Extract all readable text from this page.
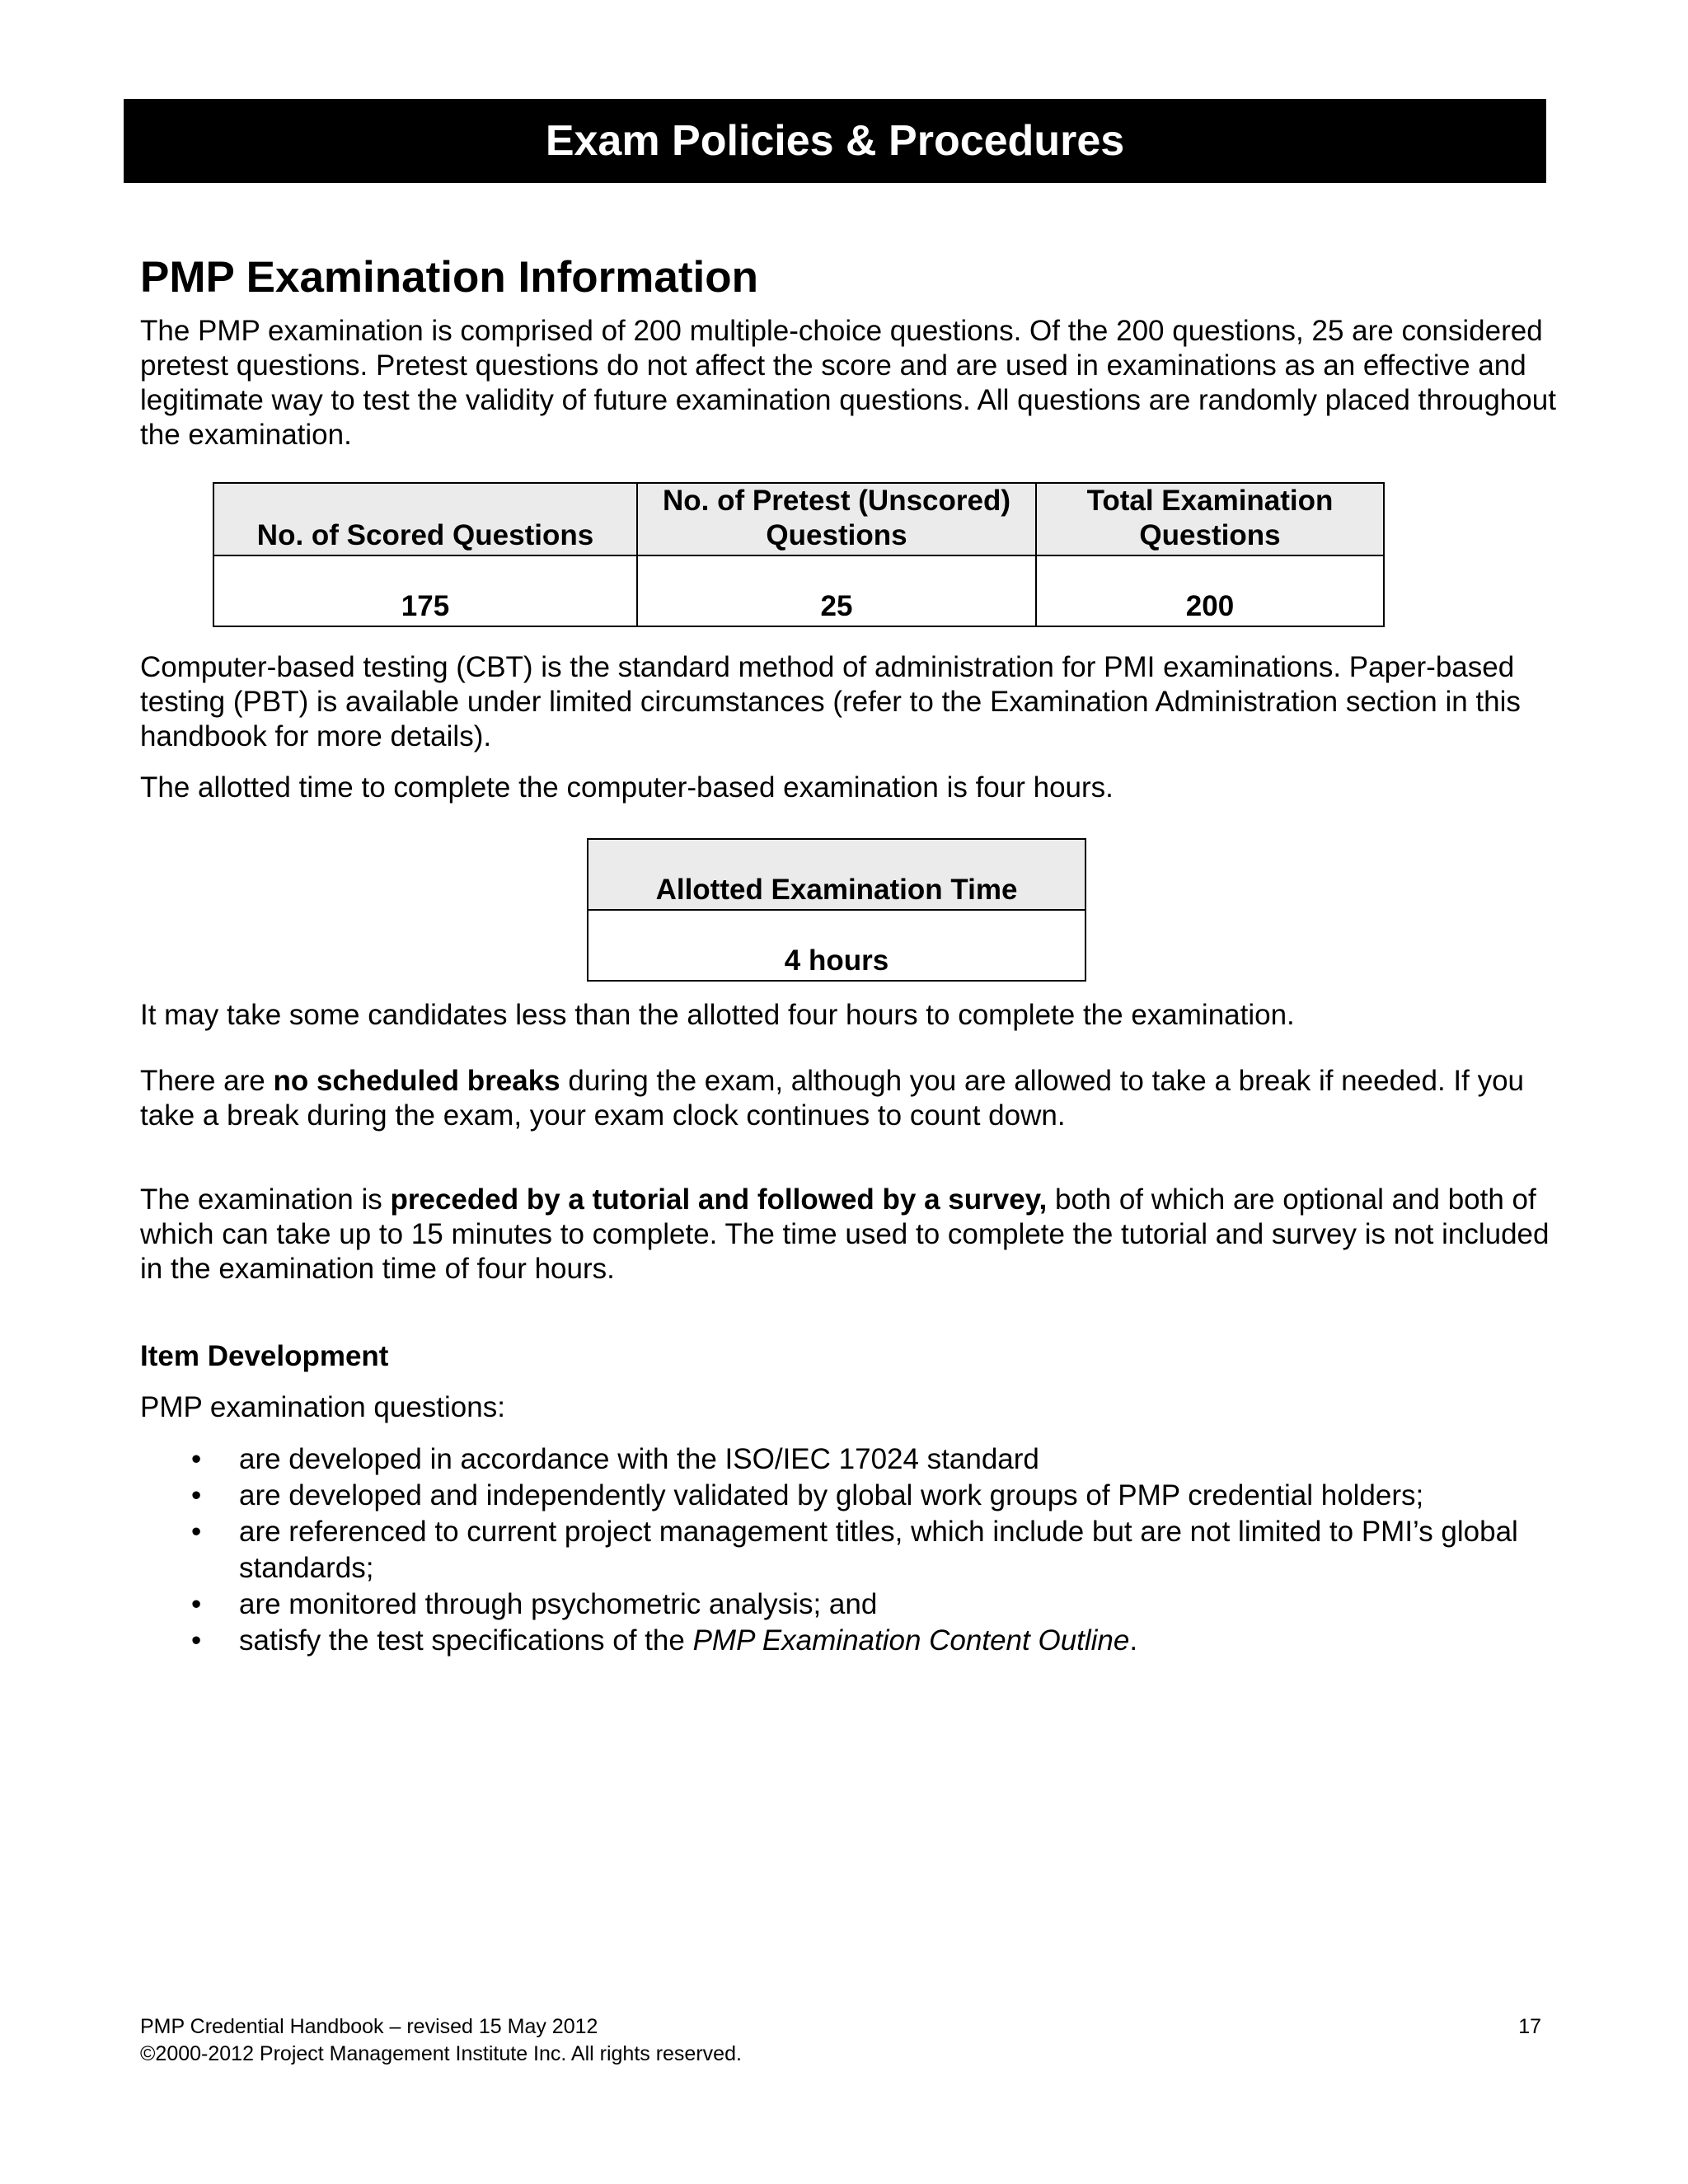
Exam Policies & Procedures
PMP Examination Information

The PMP examination is comprised of 200 multiple-choice questions. Of the 200 questions, 25 are considered pretest questions. Pretest questions do not affect the score and are used in examinations as an effective and legitimate way to test the validity of future examination questions. All questions are randomly placed throughout the examination.

No. of Scored Questions	No. of Pretest (Unscored) Questions	Total Examination Questions
175	25	200

Computer-based testing (CBT) is the standard method of administration for PMI examinations. Paper-based testing (PBT) is available under limited circumstances (refer to the Examination Administration section in this handbook for more details).

The allotted time to complete the computer-based examination is four hours.

Allotted Examination Time
4 hours

It may take some candidates less than the allotted four hours to complete the examination.

There are no scheduled breaks during the exam, although you are allowed to take a break if needed. If you take a break during the exam, your exam clock continues to count down.

The examination is preceded by a tutorial and followed by a survey, both of which are optional and both of which can take up to 15 minutes to complete. The time used to complete the tutorial and survey is not included in the examination time of four hours.

Item Development

PMP examination questions:

• are developed in accordance with the ISO/IEC 17024 standard
• are developed and independently validated by global work groups of PMP credential holders;
• are referenced to current project management titles, which include but are not limited to PMI’s global standards;
• are monitored through psychometric analysis; and
• satisfy the test specifications of the PMP Examination Content Outline.
PMP Credential Handbook – revised 15 May 2012
©2000-2012 Project Management Institute Inc. All rights reserved.
17
